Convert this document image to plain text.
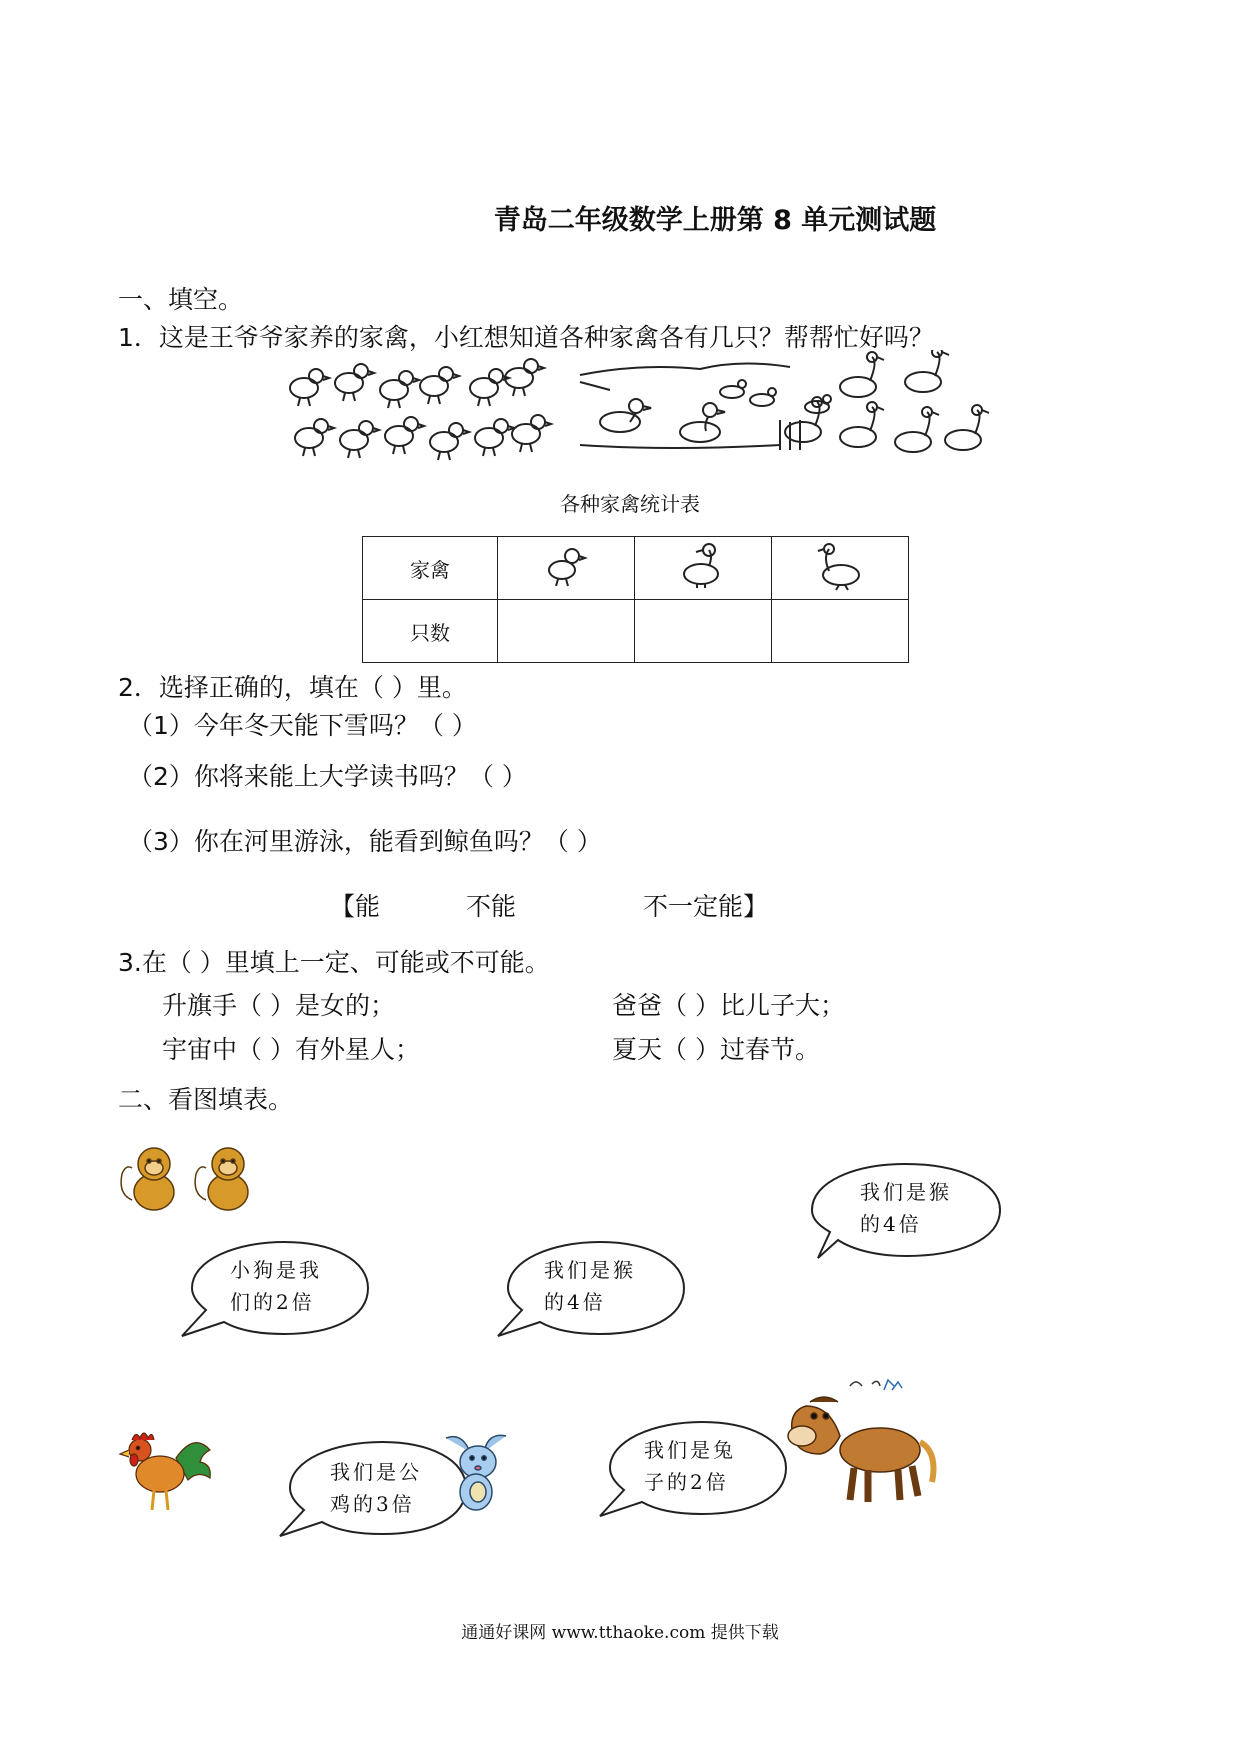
青岛二年级数学上册第 8 单元测试题
一、填空。
1．这是王爷爷家养的家禽，小红想知道各种家禽各有几只？帮帮忙好吗？
各种家禽统计表
家禽			
只数			
2．选择正确的，填在（ ）里。
（1）今年冬天能下雪吗？（ ）
（2）你将来能上大学读书吗？（ ）
（3）你在河里游泳，能看到鲸鱼吗？（ ）
【能	不能	不一定能】
3.在（ ）里填上一定、可能或不可能。
升旗手（ ）是女的；	爸爸（ ）比儿子大；
宇宙中（ ）有外星人；	夏天（ ）过春节。
二、看图填表。
我们是猴
的4倍
小狗是我
们的2倍
我们是猴
的4倍
我们是公
鸡的3倍
我们是兔
子的2倍
通通好课网 www.tthaoke.com 提供下载
